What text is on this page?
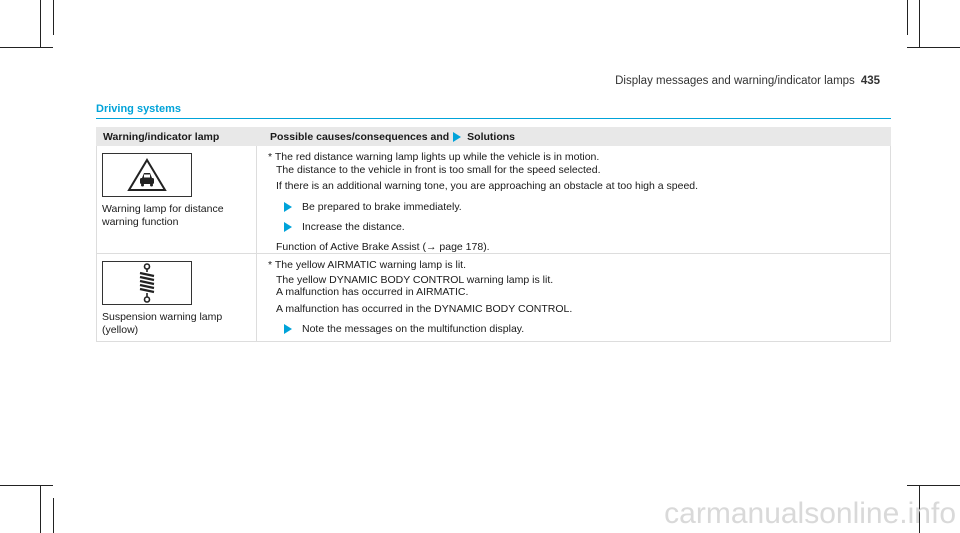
Display messages and warning/indicator lamps 435
Driving systems
Warning/indicator lamp	Possible causes/consequences and Solutions
Warning lamp for distance
warning function

* The red distance warning lamp lights up while the vehicle is in motion.

The distance to the vehicle in front is too small for the speed selected.

If there is an additional warning tone, you are approaching an obstacle at too high a speed.

Be prepared to brake immediately.
Increase the distance.

Function of Active Brake Assist (→ page 178).

Suspension warning lamp
(yellow)

* The yellow AIRMATIC warning lamp is lit.

The yellow DYNAMIC BODY CONTROL warning lamp is lit.

A malfunction has occurred in AIRMATIC.

A malfunction has occurred in the DYNAMIC BODY CONTROL.

Note the messages on the multifunction display.
carmanualsonline.info
